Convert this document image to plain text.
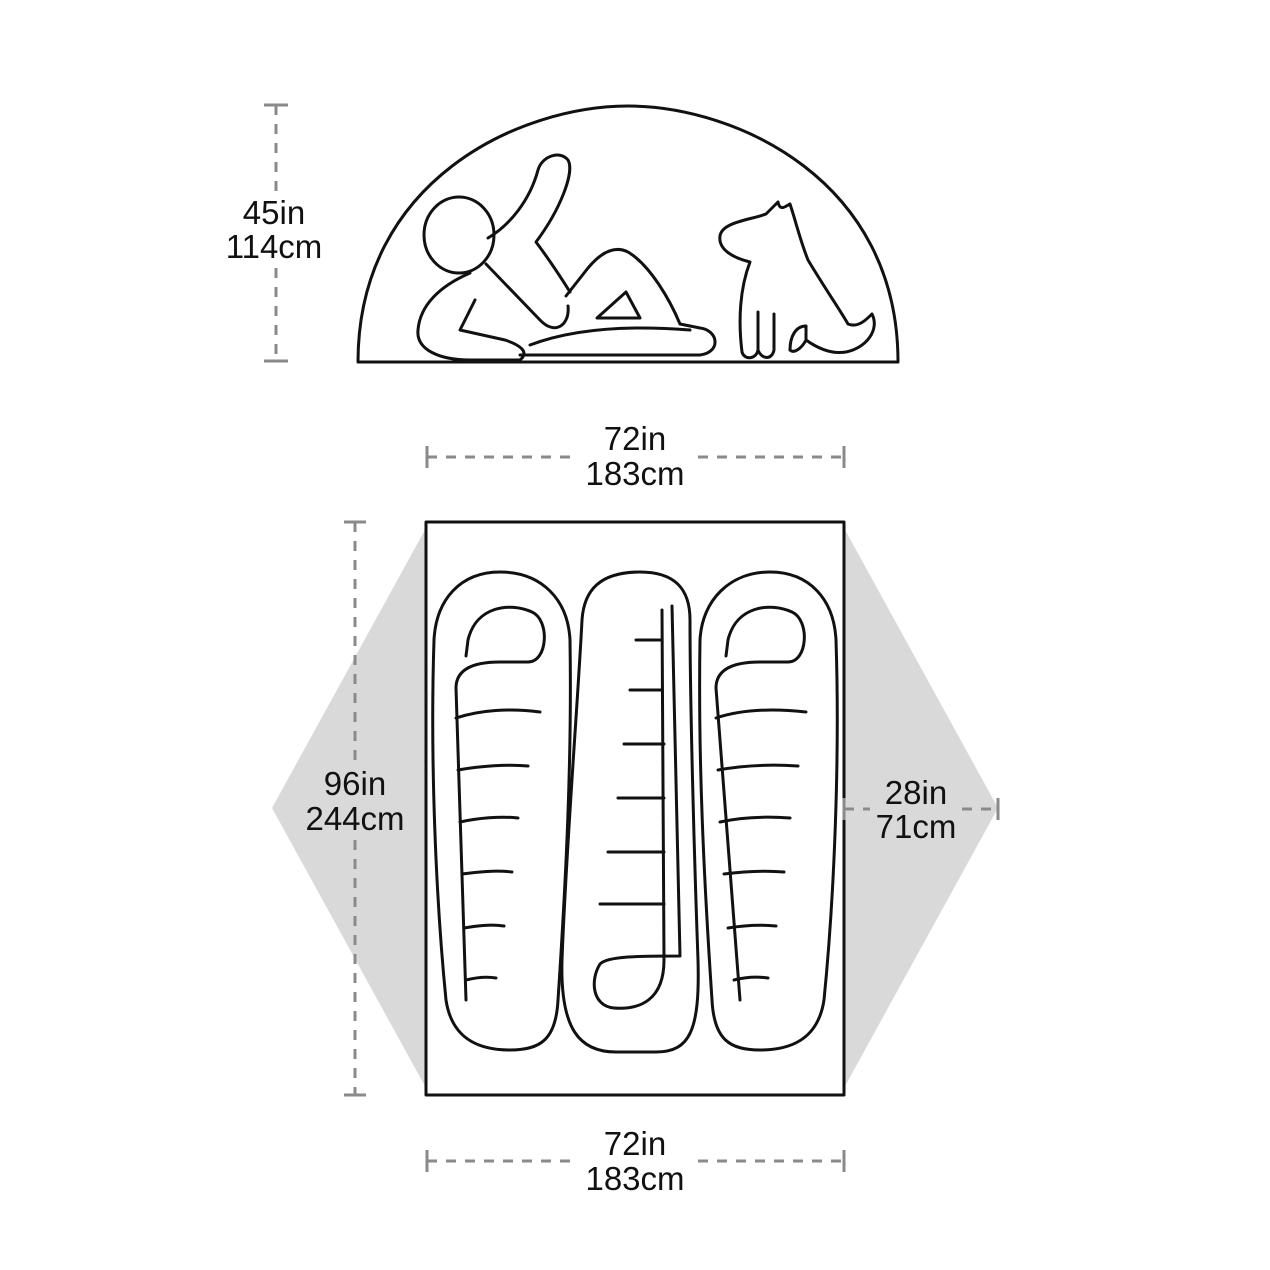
45in
114cm
72in
183cm
96in
244cm
28in
71cm
72in
183cm
